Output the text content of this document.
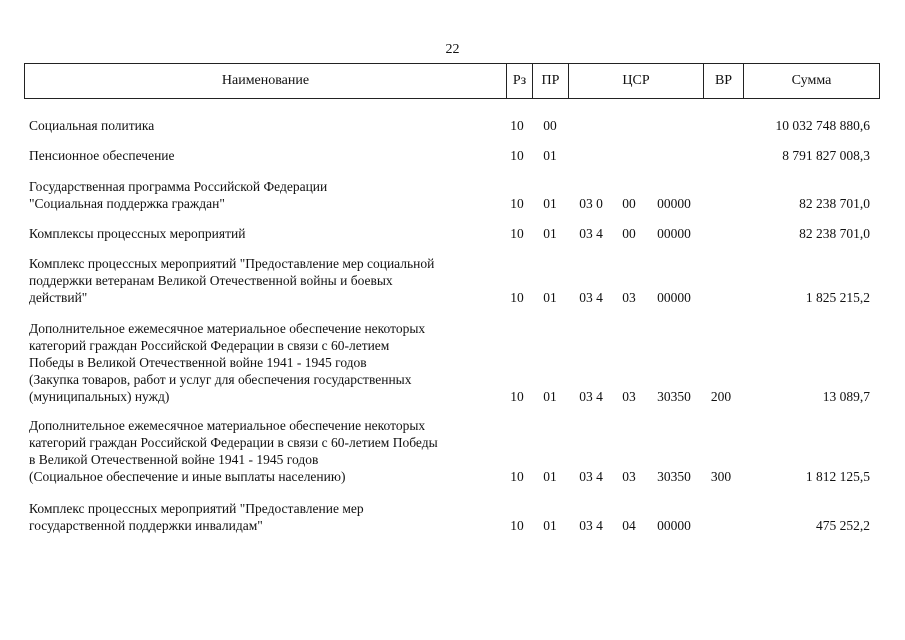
22
Наименование	Рз	ПР	ЦСР	ВР	Сумма
Социальная политика	10	00	10 032 748 880,6
Пенсионное обеспечение	10	01	8 791 827 008,3
Государственная программа Российской Федерации
"Социальная поддержка граждан"	10	01	03 0 00	00000	82 238 701,0
Комплексы процессных мероприятий	10	01	03 4 00	00000	82 238 701,0
Комплекс процессных мероприятий "Предоставление мер социальной
поддержки ветеранам Великой Отечественной войны и боевых
действий"	10	01	03 4 03	00000	1 825 215,2
Дополнительное ежемесячное материальное обеспечение некоторых
категорий граждан Российской Федерации в связи с 60-летием
Победы в Великой Отечественной войне 1941 - 1945 годов
(Закупка товаров, работ и услуг для обеспечения государственных
(муниципальных) нужд)	10	01	03 4 03	30350	200	13 089,7
Дополнительное ежемесячное материальное обеспечение некоторых
категорий граждан Российской Федерации в связи с 60-летием Победы
в Великой Отечественной войне 1941 - 1945 годов
(Социальное обеспечение и иные выплаты населению)	10	01	03 4 03	30350	300	1 812 125,5
Комплекс процессных мероприятий "Предоставление мер
государственной поддержки инвалидам"	10	01	03 4 04	00000	475 252,2
